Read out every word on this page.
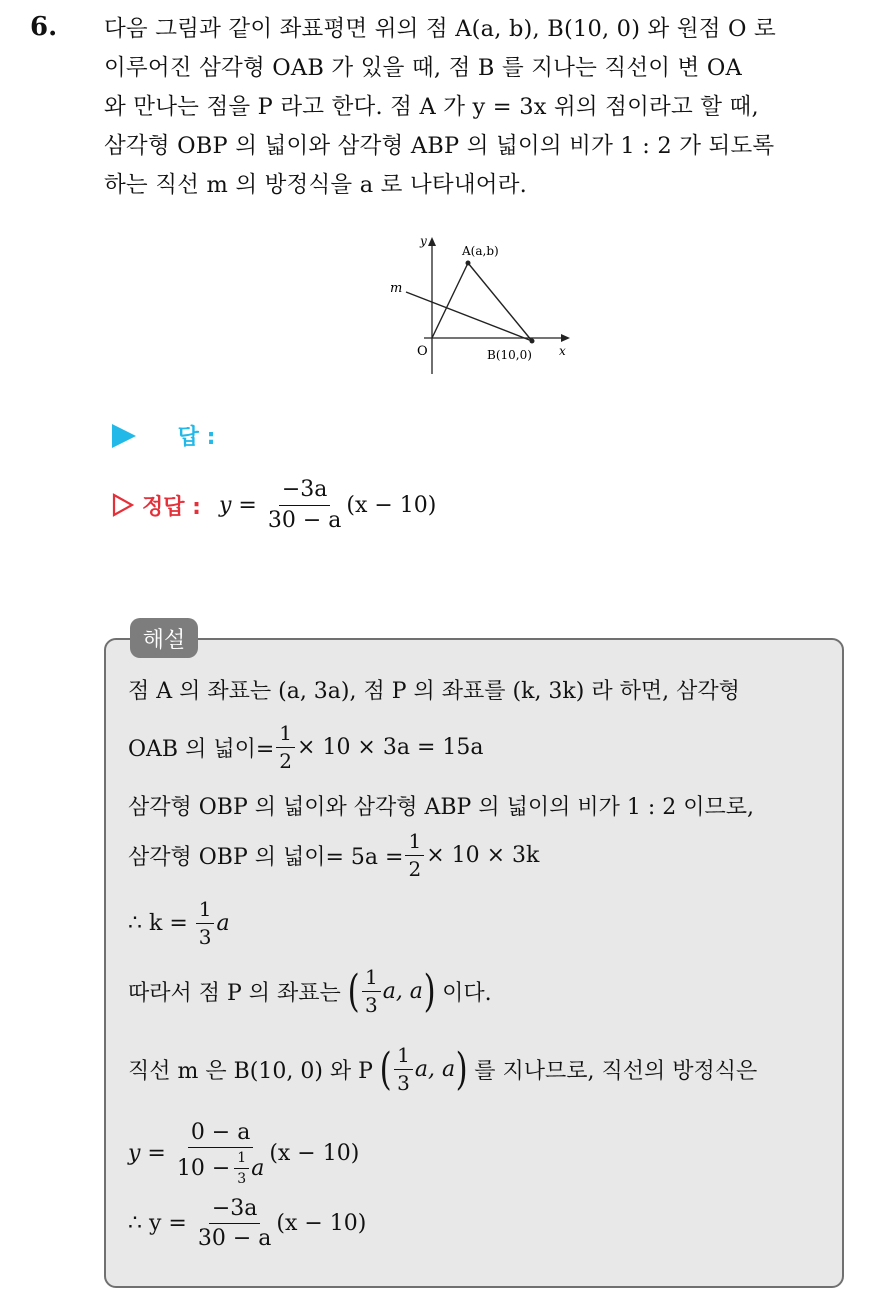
6. 다음 그림과 같이 좌표평면 위의 점 A(a, b), B(10, 0) 와 원점 O 로

이루어진 삼각형 OAB 가 있을 때, 점 B 를 지나는 직선이 변 OA

와 만나는 점을 P 라고 한다. 점 A 가 y = 3x 위의 점이라고 할 때,

삼각형 OBP 의 넓이와 삼각형 ABP 의 넓이의 비가 1 : 2 가 되도록

하는 직선 m 의 방정식을 a 로 나타내어라.

y
x
O
m
A(a,b)
B(10,0)
답 :
정답 : $y = \frac{-3a}{30 - a} (x - 10)$
해설
점 A 의 좌표는 (a, 3a), 점 P 의 좌표를 (k, 3k) 라 하면, 삼각형
OAB 의 넓이= $\frac{1}{2} \times 10 \times 3a = 15a$
삼각형 OBP 의 넓이와 삼각형 ABP 의 넓이의 비가 1 : 2 이므로,
삼각형 OBP 의 넓이= $5a = \frac{1}{2} \times 10 \times 3k$
∴ $k = \frac{1}{3}$ a
따라서 점 P 의 좌표는 ( $\frac{1}{3} a$, a ) 이다.
직선 m 은 B(10, 0) 와 P ( $\frac{1}{3} a$, a ) 를 지나므로, 직선의 방정식은
$y = \frac{0 - a}{10 - \frac{1}{3} a} (x - 10)$
∴ $y = \frac{-3a}{30 - a} (x - 10)$
